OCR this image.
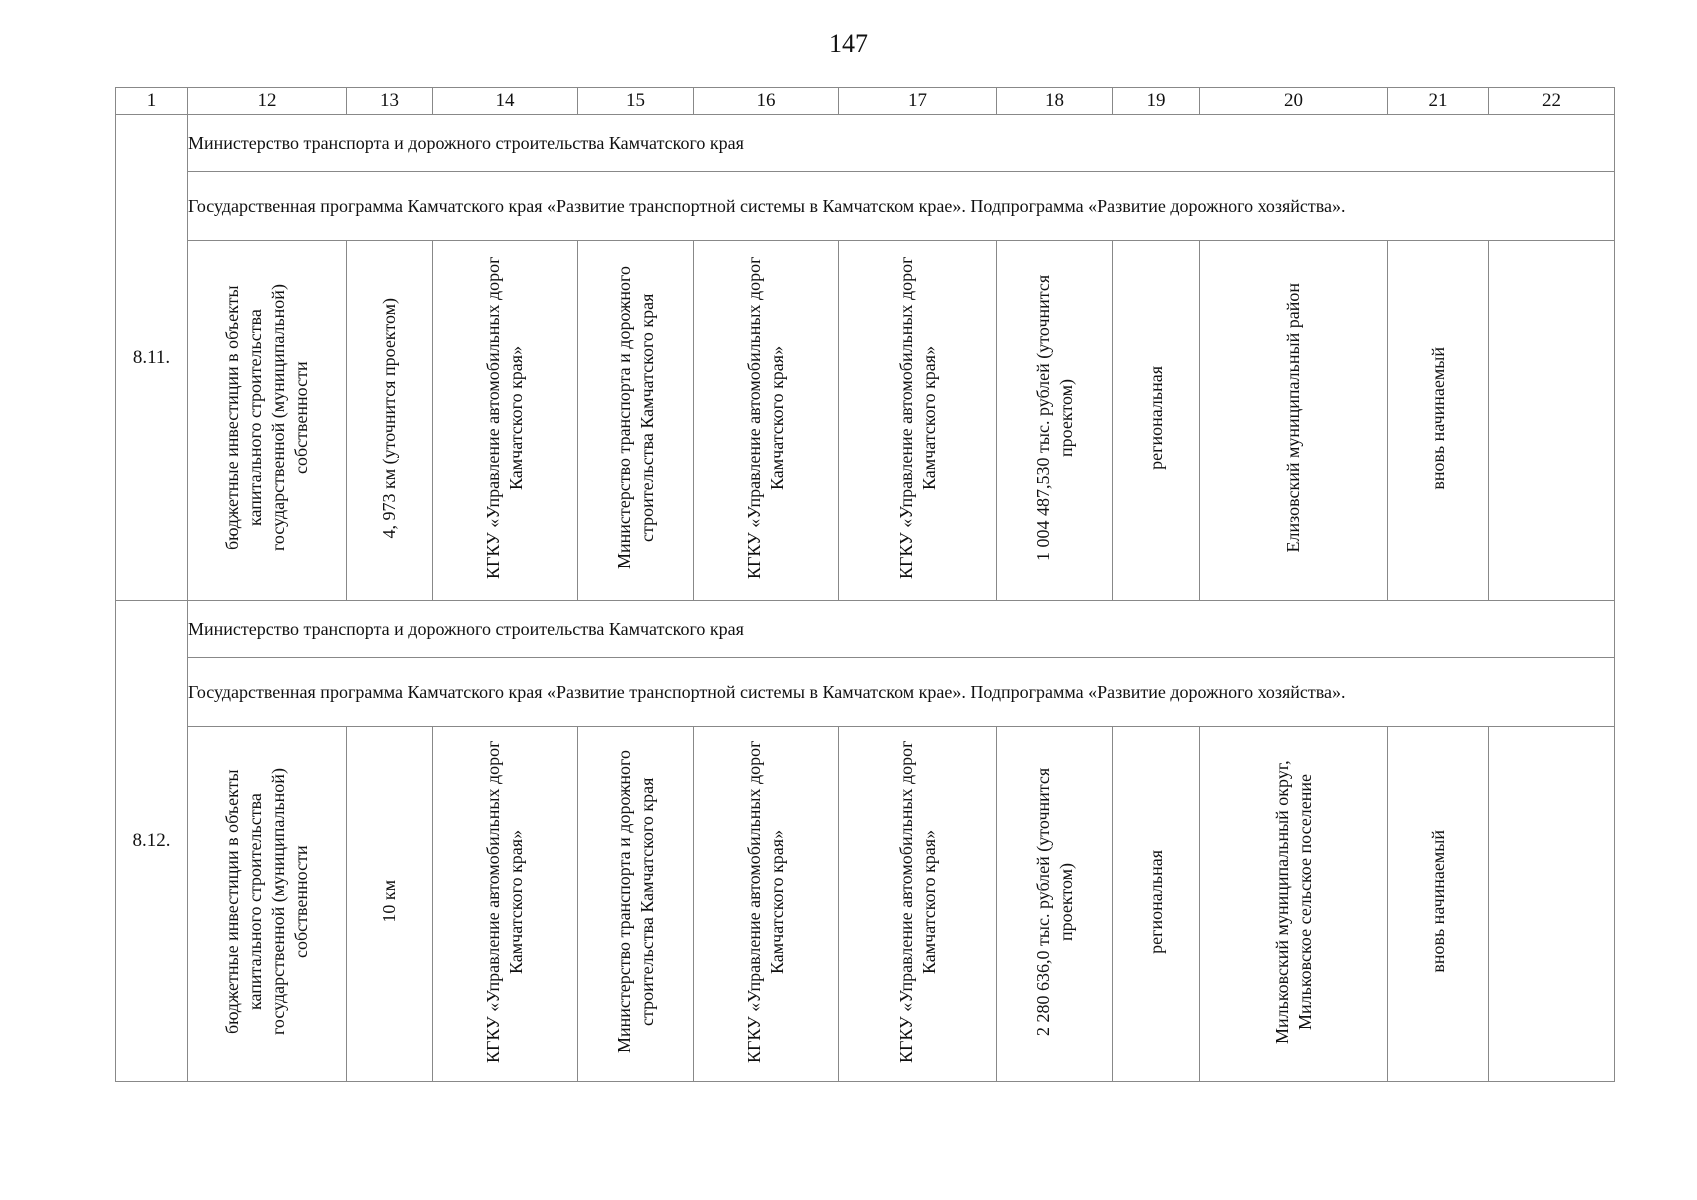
147
1	12	13	14	15	16	17	18	19	20	21	22
8.11.	Министерство транспорта и дорожного строительства Камчатского края										
	Государственная программа Камчатского края «Развитие транспортной системы в Камчатском крае». Подпрограмма «Развитие дорожного хозяйства».										
	бюджетные инвестиции в объекты капитального строительства государственной (муниципальной) собственности	4, 973 км (уточнится проектом)	КГКУ «Управление автомобильных дорог Камчатского края»	Министерство транспорта и дорожного строительства Камчатского края	КГКУ «Управление автомобильных дорог Камчатского края»	КГКУ «Управление автомобильных дорог Камчатского края»	1 004 487,530 тыс. рублей (уточнится проектом)	региональная	Елизовский муниципальный район	вновь начинаемый	
8.12.	Министерство транспорта и дорожного строительства Камчатского края										
	Государственная программа Камчатского края «Развитие транспортной системы в Камчатском крае». Подпрограмма «Развитие дорожного хозяйства».										
	бюджетные инвестиции в объекты капитального строительства государственной (муниципальной) собственности	10 км	КГКУ «Управление автомобильных дорог Камчатского края»	Министерство транспорта и дорожного строительства Камчатского края	КГКУ «Управление автомобильных дорог Камчатского края»	КГКУ «Управление автомобильных дорог Камчатского края»	2 280 636,0 тыс. рублей (уточнится проектом)	региональная	Мильковский муниципальный округ, Мильковское сельское поселение	вновь начинаемый	
